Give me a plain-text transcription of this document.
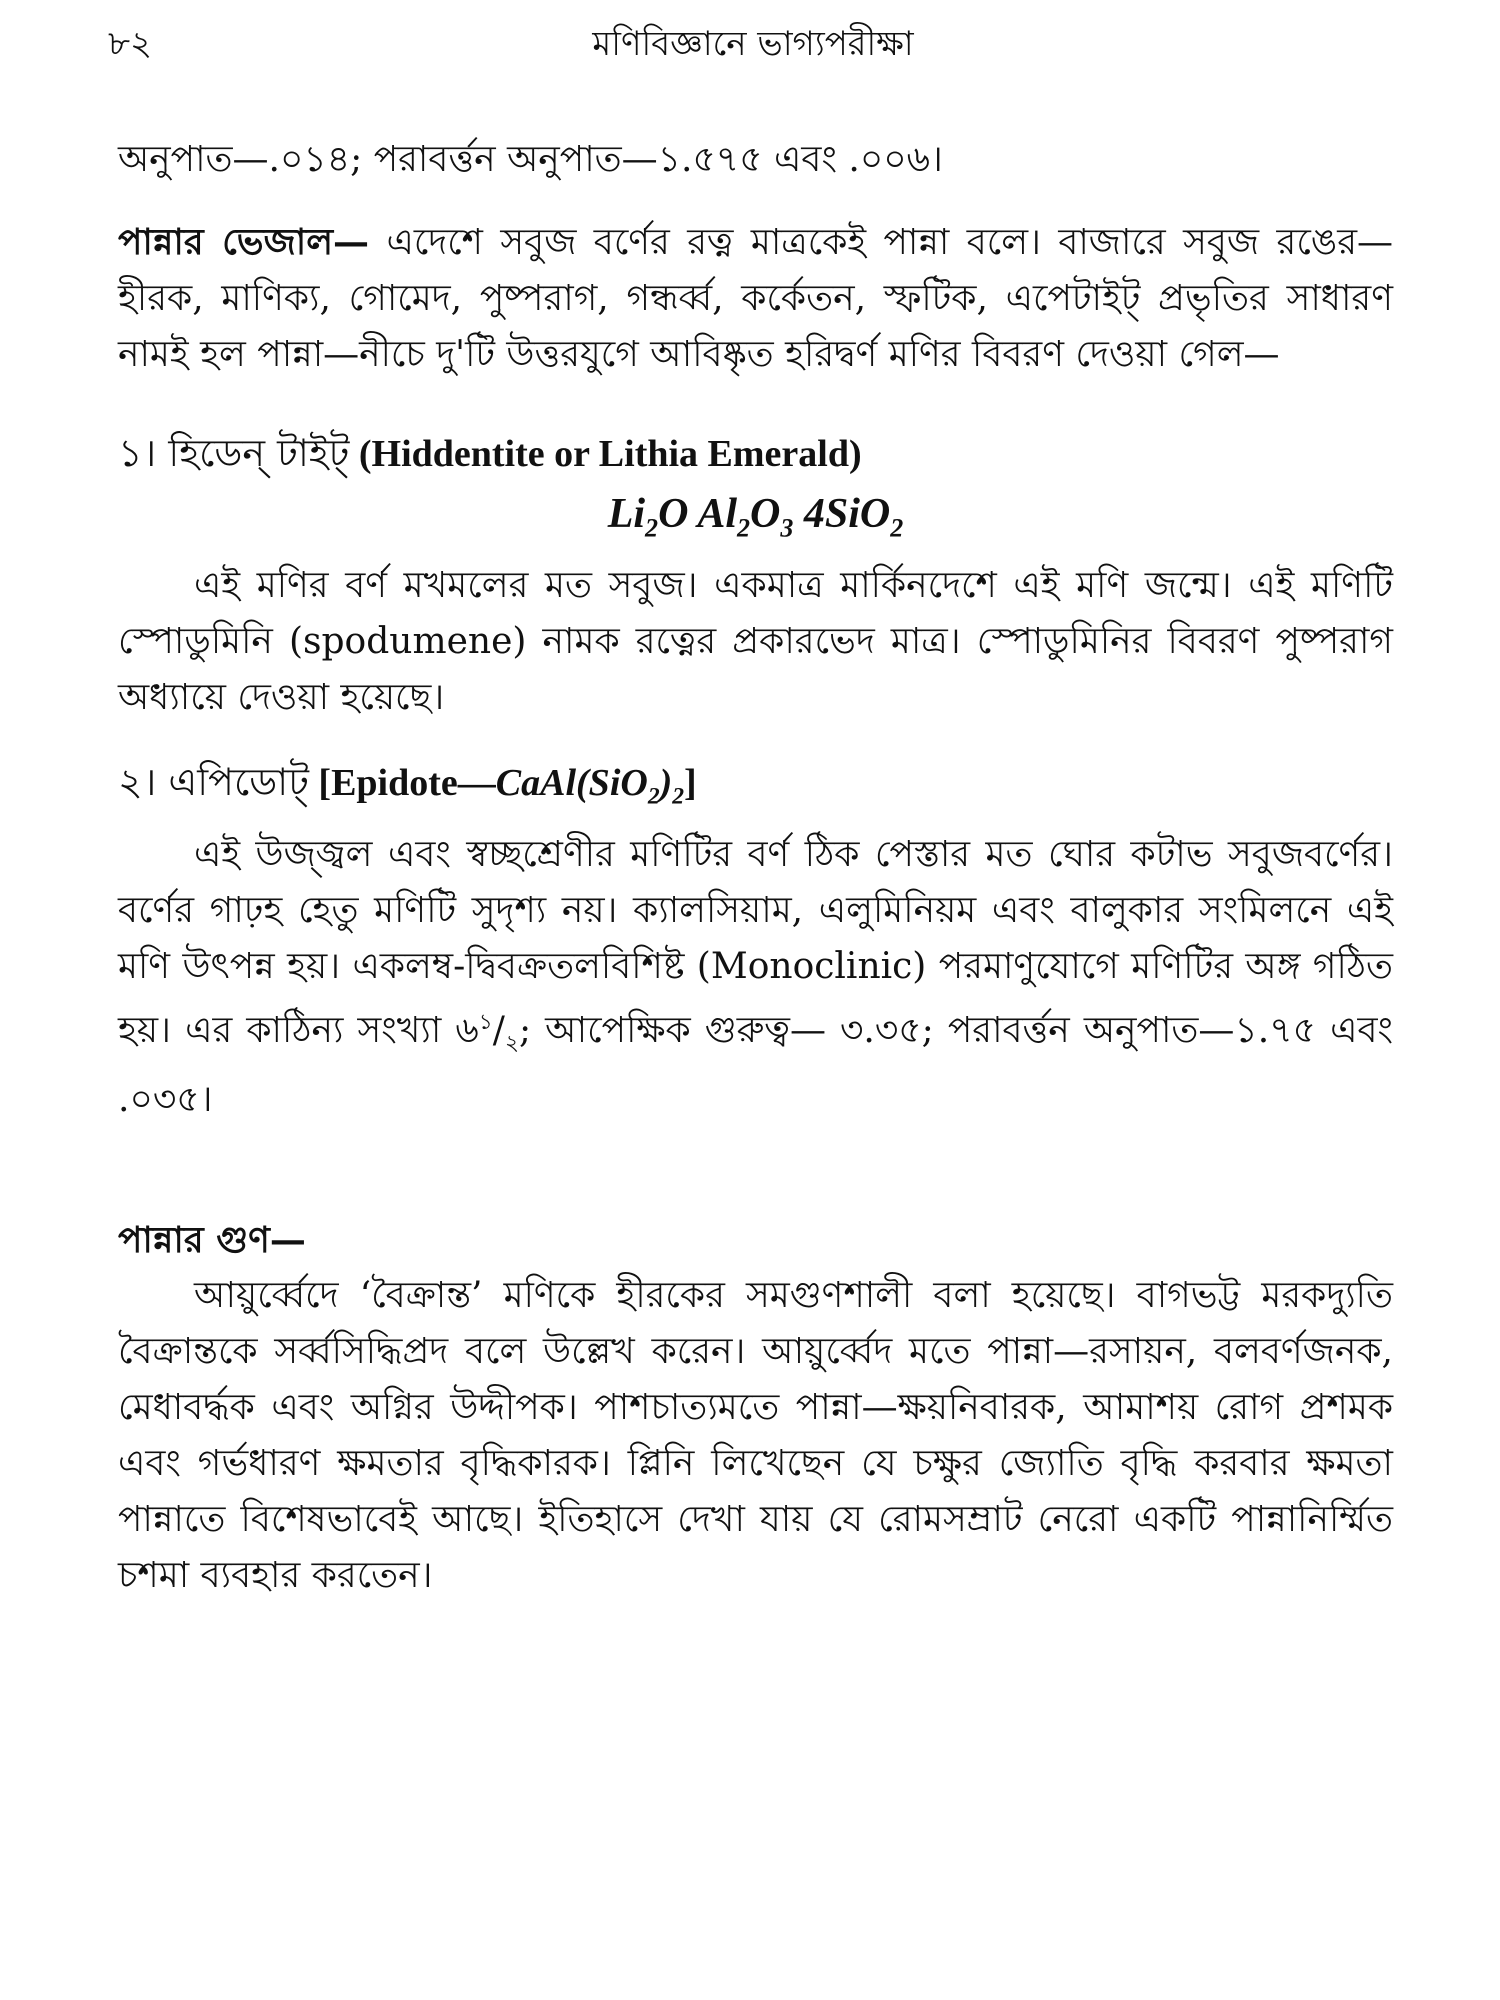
৮২	মণিবিজ্ঞানে ভাগ্যপরীক্ষা

অনুপাত—.০১৪; পরাবর্ত্তন অনুপাত—১.৫৭৫ এবং .০০৬।

পান্নার ভেজাল— এদেশে সবুজ বর্ণের রত্ন মাত্রকেই পান্না বলে। বাজারে সবুজ রঙের—হীরক, মাণিক্য, গোমেদ, পুষ্পরাগ, গন্ধর্ব্ব, কর্কেতন, স্ফটিক, এপেটাইট্ প্রভৃতির সাধারণ নামই হল পান্না—নীচে দু'টি উত্তরযুগে আবিষ্কৃত হরিদ্বর্ণ মণির বিবরণ দেওয়া গেল—

১। হিডেন্ টাইট্ (Hiddentite or Lithia Emerald)
$Li_2O$ $Al_2O_3$ 4SiO$_2$

এই মণির বর্ণ মখমলের মত সবুজ। একমাত্র মার্কিনদেশে এই মণি জন্মে। এই মণিটি স্পোডুমিনি (spodumene) নামক রত্নের প্রকারভেদ মাত্র। স্পোডুমিনির বিবরণ পুষ্পরাগ অধ্যায়ে দেওয়া হয়েছে।

২। এপিডোট্ $[Epidote—CaAl(SiO_2)_2]$

এই উজ্জ্বল এবং স্বচ্ছশ্রেণীর মণিটির বর্ণ ঠিক পেস্তার মত ঘোর কটাভ সবুজবর্ণের। বর্ণের গাঢ়হ হেতু মণিটি সুদৃশ্য নয়। ক্যালসিয়াম, এলুমিনিয়ম এবং বালুকার সংমিলনে এই মণি উৎপন্ন হয়। একলম্ব-দ্বিবক্রতলবিশিষ্ট (Monoclinic) পরমাণুযোগে মণিটির অঙ্গ গঠিত হয়। এর কাঠিন্য সংখ্যা $৬^১/_২$; আপেক্ষিক গুরুত্ব— ৩.৩৫; পরাবর্ত্তন অনুপাত—১.৭৫ এবং .০৩৫।

পান্নার গুণ—

আয়ুর্ব্বেদে ‘বৈক্রান্ত’ মণিকে হীরকের সমগুণশালী বলা হয়েছে। বাগভট্ট মরকদ্যুতি বৈক্রান্তকে সর্ব্বসিদ্ধিপ্রদ বলে উল্লেখ করেন। আয়ুর্ব্বেদ মতে পান্না—রসায়ন, বলবর্ণজনক, মেধাবর্দ্ধক এবং অগ্নির উদ্দীপক। পাশচাত্যমতে পান্না—ক্ষয়নিবারক, আমাশয় রোগ প্রশমক এবং গর্ভধারণ ক্ষমতার বৃদ্ধিকারক। প্লিনি লিখেছেন যে চক্ষুর জ্যোতি বৃদ্ধি করবার ক্ষমতা পান্নাতে বিশেষভাবেই আছে। ইতিহাসে দেখা যায় যে রোমসম্রাট নেরো একটি পান্নানির্ম্মিত চশমা ব্যবহার করতেন।
